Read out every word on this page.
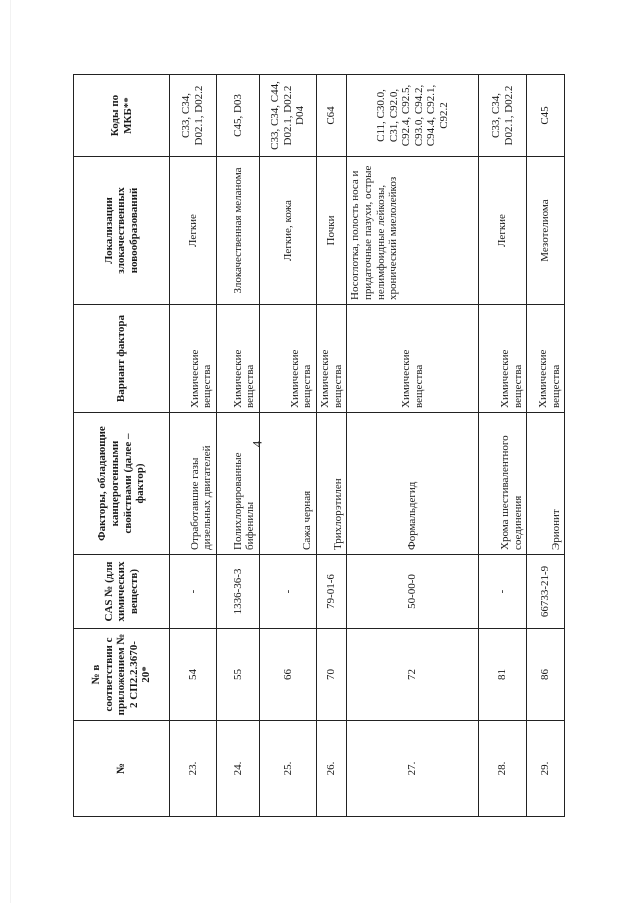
4
№	№ в соответствии с приложением № 2 СП2.2.3670-20*	CAS № (для химических веществ)	Факторы, обладающие канцерогенными свойствами (далее – фактор)	Вариант фактора	Локализации злокачественных новообразований	Коды по МКБ**
23.	54	-	Отработавшие газы дизельных двигателей	Химические вещества	Легкие	C33, C34, D02.1, D02.2
24.	55	1336-36-3	Полихлорированные бифенилы	Химические вещества	Злокачественная меланома	C45, D03
25.	66	-	Сажа черная	Химические вещества	Легкие, кожа	C33, C34, C44, D02.1, D02.2 D04
26.	70	79-01-6	Трихлорэтилен	Химические вещества	Почки	C64
27.	72	50-00-0	Формальдегид	Химические вещества	Носоглотка, полость носа и придаточные пазухи, острые нелимфоидные лейкозы, хронический миелолейкоз	C11, C30.0, C31, C92.0, C92.4, C92.5, C93.0, C94.2, C94.4, C92.1, C92.2
28.	81	-	Хрома шестивалентного соединения	Химические вещества	Легкие	C33, C34, D02.1, D02.2
29.	86	66733-21-9	Эрионит	Химические вещества	Мезотелиома	C45
